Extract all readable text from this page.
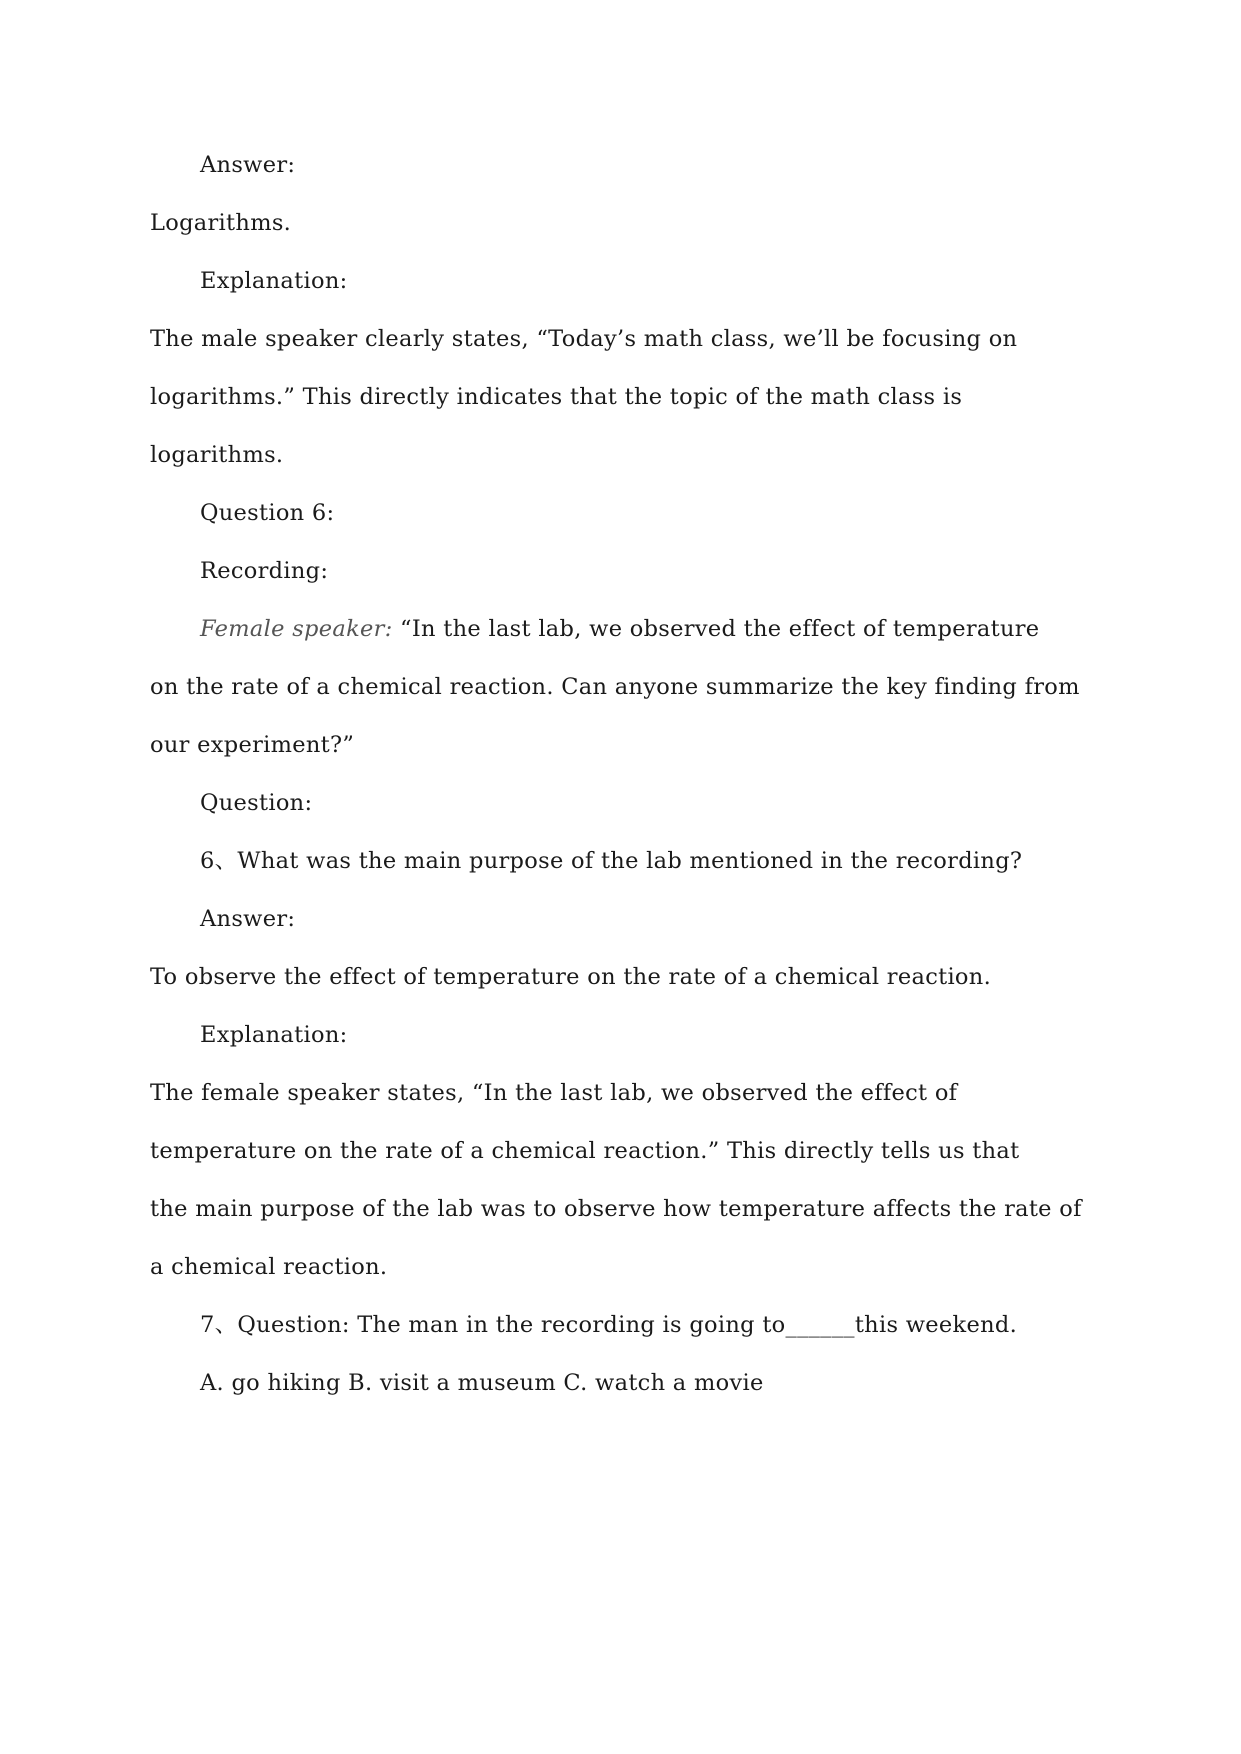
Answer:
Logarithms.
Explanation:
The male speaker clearly states, “Today’s math class, we’ll be focusing on
logarithms.” This directly indicates that the topic of the math class is
logarithms.
Question 6:
Recording:
Female speaker: “In the last lab, we observed the effect of temperature
on the rate of a chemical reaction. Can anyone summarize the key finding from
our experiment?”
Question:
6、What was the main purpose of the lab mentioned in the recording?
Answer:
To observe the effect of temperature on the rate of a chemical reaction.
Explanation:
The female speaker states, “In the last lab, we observed the effect of
temperature on the rate of a chemical reaction.” This directly tells us that
the main purpose of the lab was to observe how temperature affects the rate of
a chemical reaction.
7、Question: The man in the recording is going to______this weekend.
A. go hiking B. visit a museum C. watch a movie
